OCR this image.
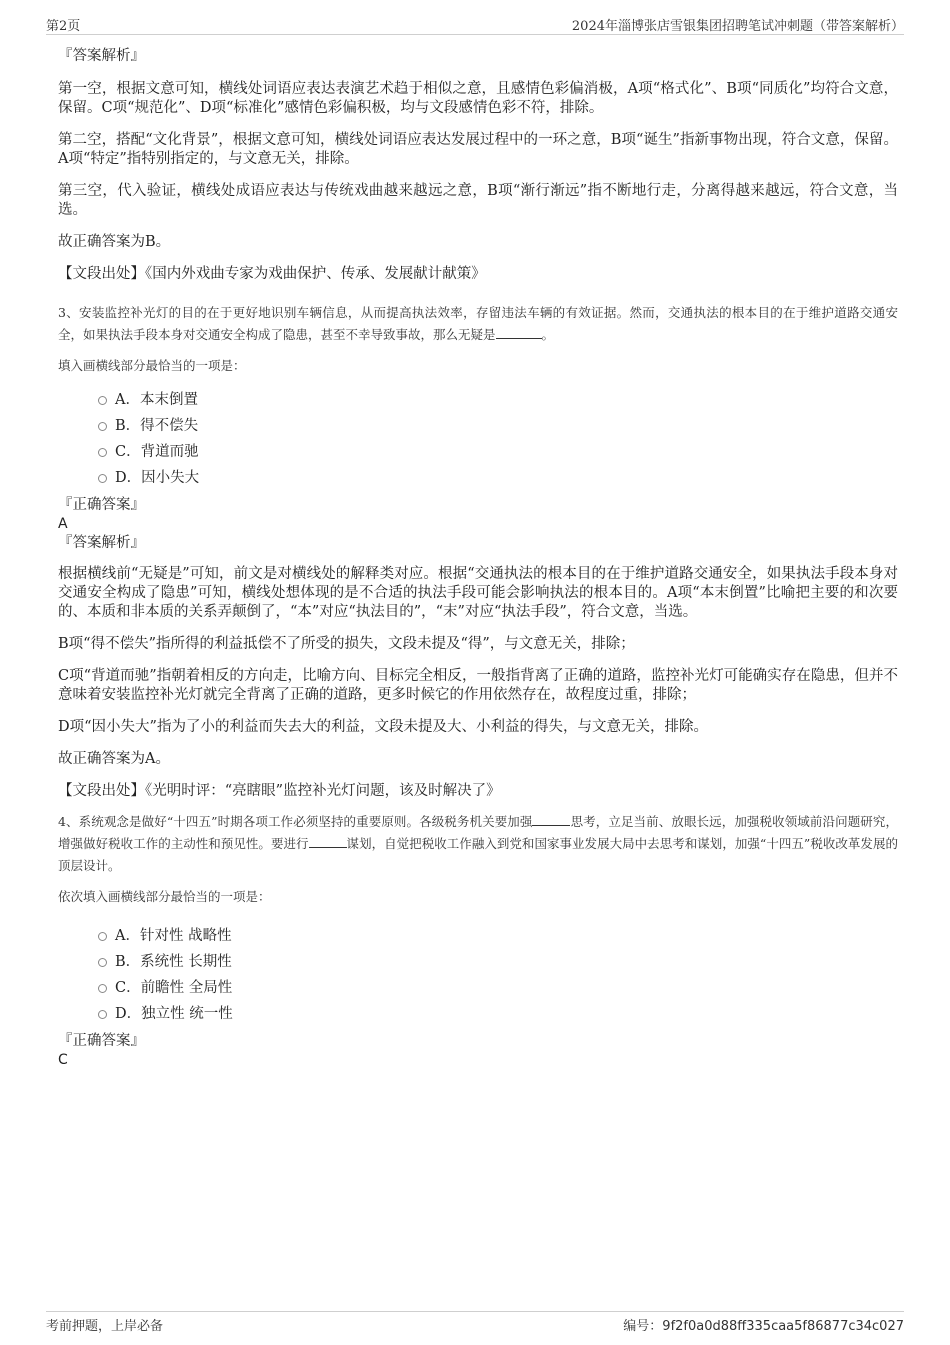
第2页	2024年淄博张店雪银集团招聘笔试冲刺题（带答案解析）

『答案解析』

第一空，根据文意可知，横线处词语应表达表演艺术趋于相似之意，且感情色彩偏消极，A项“格式化”、B项“同质化”均符合文意，保留。C项“规范化”、D项“标准化”感情色彩偏积极，均与文段感情色彩不符，排除。

第二空，搭配“文化背景”，根据文意可知，横线处词语应表达发展过程中的一环之意，B项“诞生”指新事物出现，符合文意，保留。A项“特定”指特别指定的，与文意无关，排除。

第三空，代入验证，横线处成语应表达与传统戏曲越来越远之意，B项“渐行渐远”指不断地行走，分离得越来越远，符合文意，当选。

故正确答案为B。

【文段出处】《国内外戏曲专家为戏曲保护、传承、发展献计献策》

3、安装监控补光灯的目的在于更好地识别车辆信息，从而提高执法效率，存留违法车辆的有效证据。然而，交通执法的根本目的在于维护道路交通安全，如果执法手段本身对交通安全构成了隐患，甚至不幸导致事故，那么无疑是	。

填入画横线部分最恰当的一项是：

A．本末倒置
B．得不偿失
C．背道而驰
D．因小失大

『正确答案』

A

『答案解析』

根据横线前“无疑是”可知，前文是对横线处的解释类对应。根据“交通执法的根本目的在于维护道路交通安全，如果执法手段本身对交通安全构成了隐患”可知，横线处想体现的是不合适的执法手段可能会影响执法的根本目的。A项“本末倒置”比喻把主要的和次要的、本质和非本质的关系弄颠倒了，“本”对应“执法目的”，“末”对应“执法手段”，符合文意，当选。

B项“得不偿失”指所得的利益抵偿不了所受的损失，文段未提及“得”，与文意无关，排除；

C项“背道而驰”指朝着相反的方向走，比喻方向、目标完全相反，一般指背离了正确的道路，监控补光灯可能确实存在隐患，但并不意味着安装监控补光灯就完全背离了正确的道路，更多时候它的作用依然存在，故程度过重，排除；

D项“因小失大”指为了小的利益而失去大的利益，文段未提及大、小利益的得失，与文意无关，排除。

故正确答案为A。

【文段出处】《光明时评：“亮瞎眼”监控补光灯问题，该及时解决了》

4、系统观念是做好“十四五”时期各项工作必须坚持的重要原则。各级税务机关要加强	思考，立足当前、放眼长远，加强税收领域前沿问题研究，增强做好税收工作的主动性和预见性。要进行	谋划，自觉把税收工作融入到党和国家事业发展大局中去思考和谋划，加强“十四五”税收改革发展的顶层设计。

依次填入画横线部分最恰当的一项是：

A．针对性 战略性
B．系统性 长期性
C．前瞻性 全局性
D．独立性 统一性

『正确答案』

C

考前押题，上岸必备	编号：9f2f0a0d88ff335caa5f86877c34c027
